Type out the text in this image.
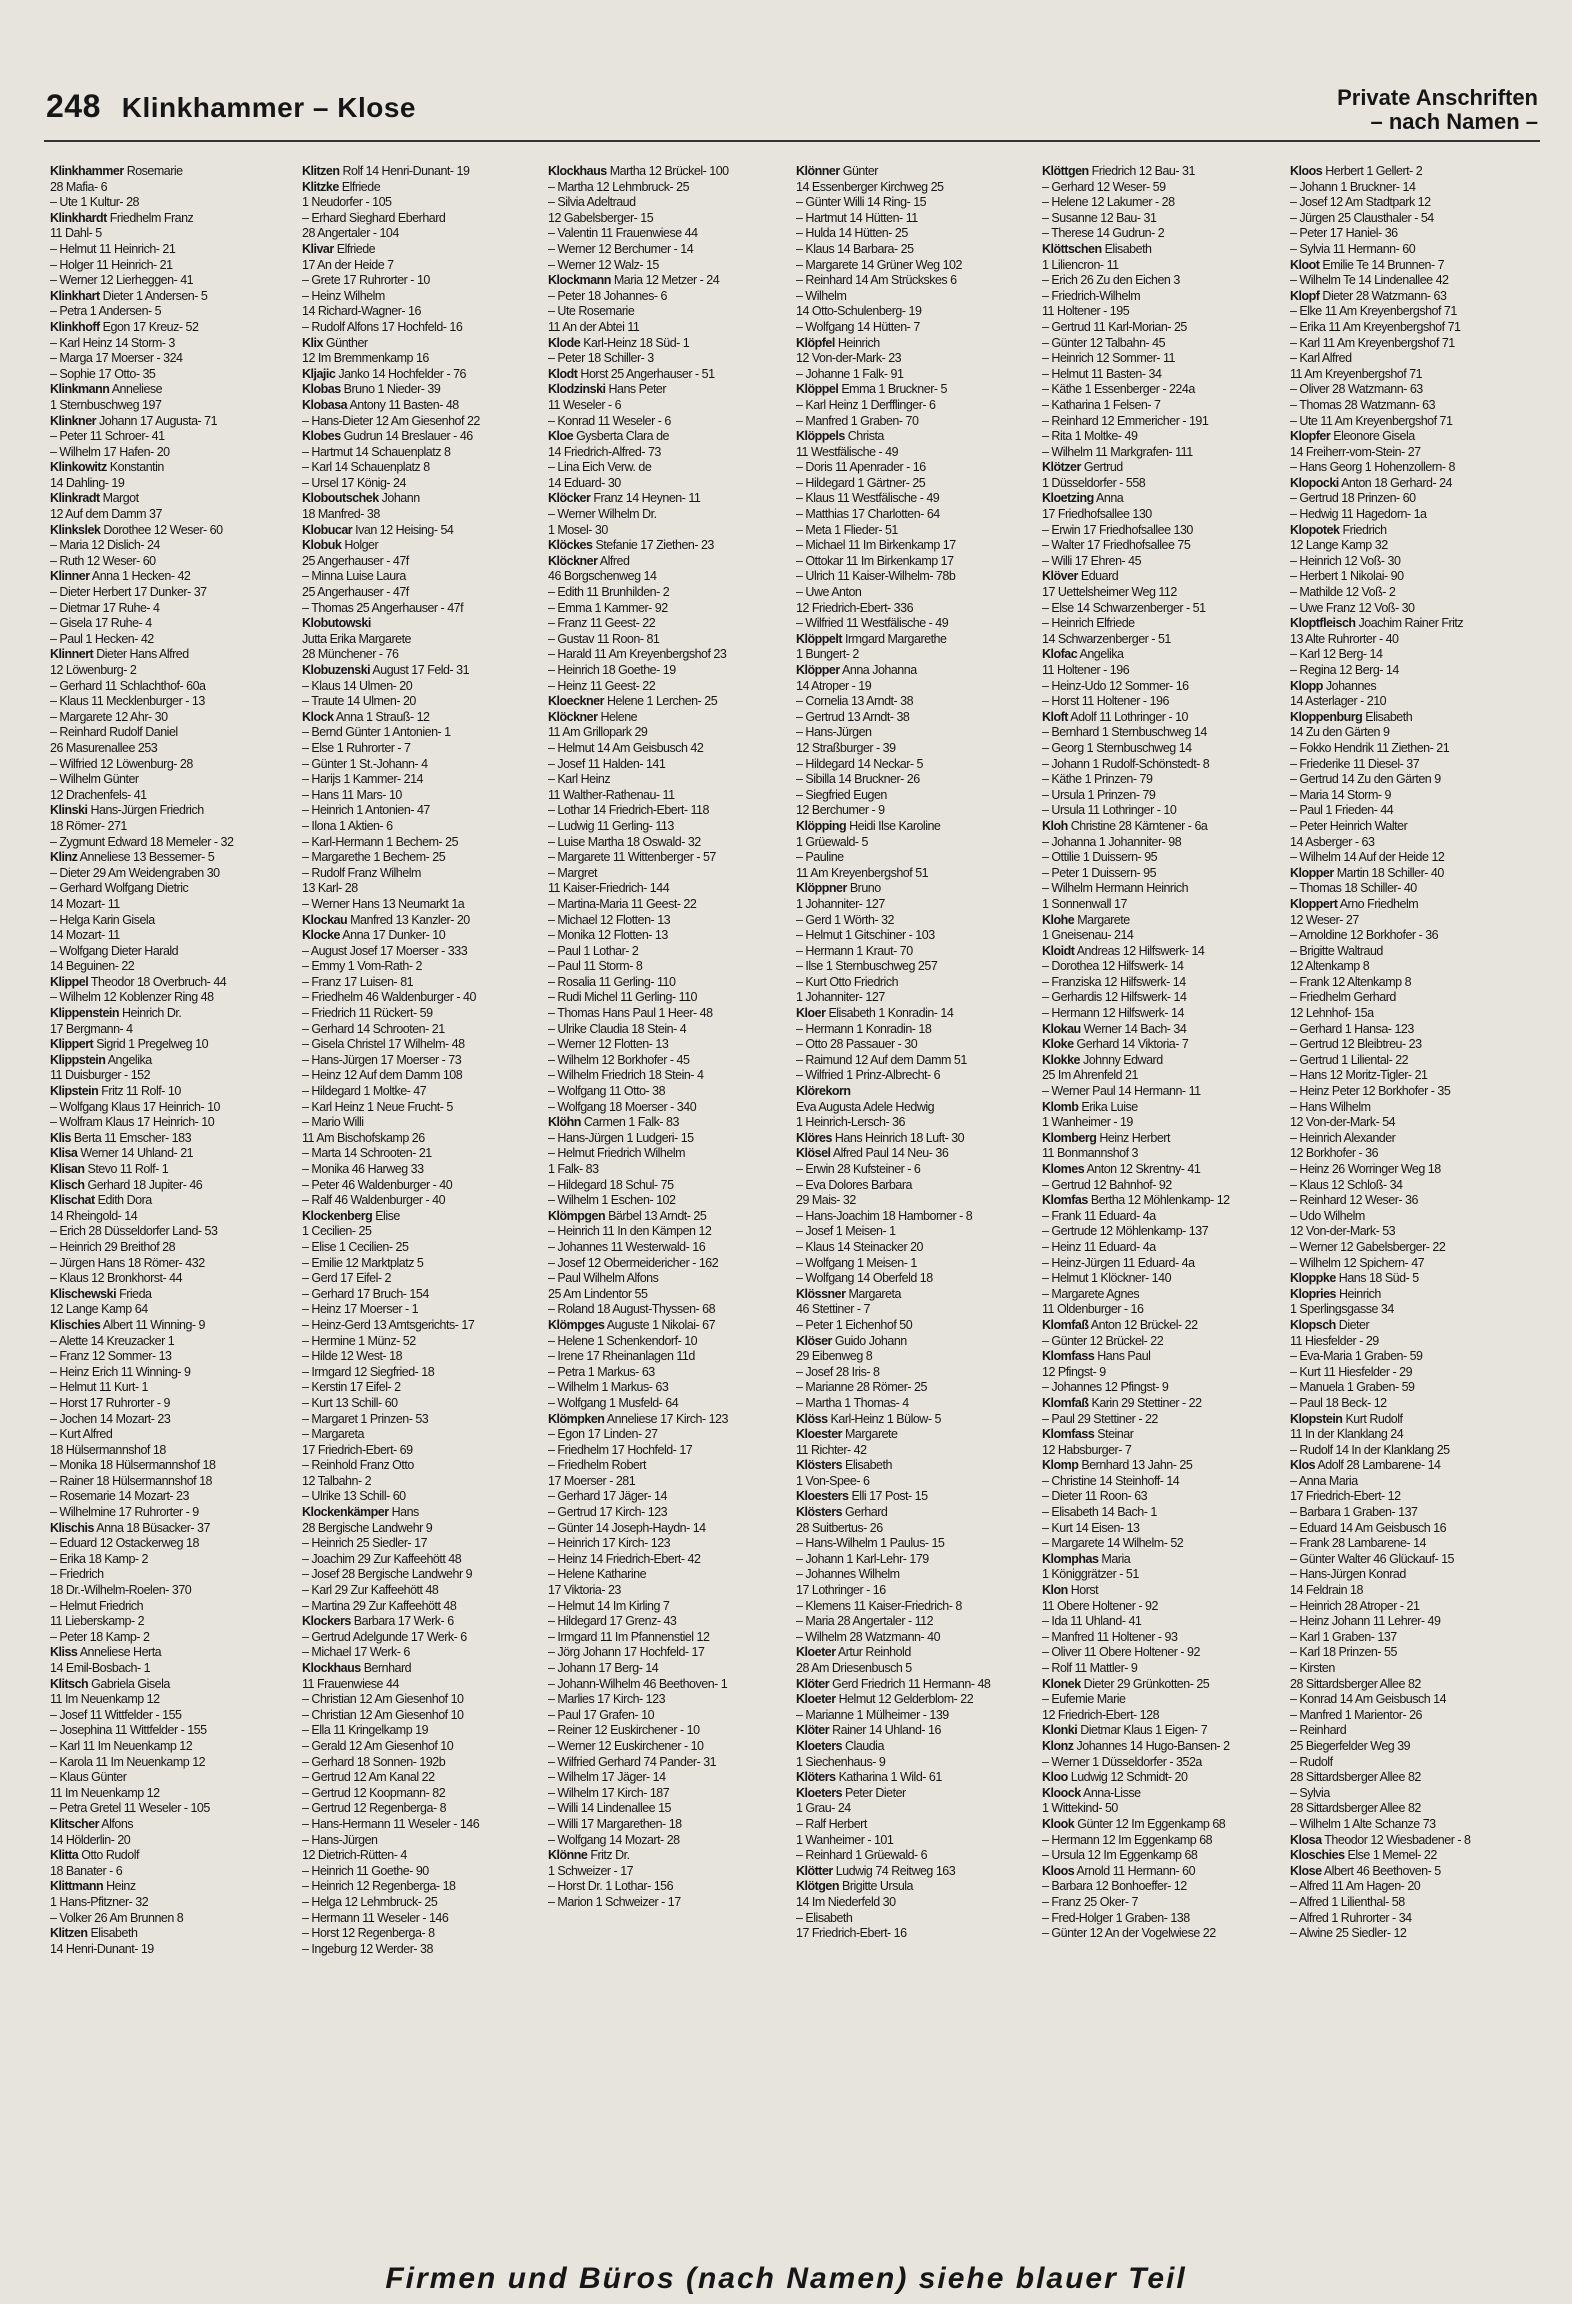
248 Klinkhammer – Klose	Private Anschriften
– nach Namen –
Klinkhammer Rosemarie
28 Mafia- 6
– Ute 1 Kultur- 28
Klinkhardt Friedhelm Franz
11 Dahl- 5
– Helmut 11 Heinrich- 21
– Holger 11 Heinrich- 21
– Werner 12 Lierheggen- 41
Klinkhart Dieter 1 Andersen- 5
– Petra 1 Andersen- 5
Klinkhoff Egon 17 Kreuz- 52
– Karl Heinz 14 Storm- 3
– Marga 17 Moerser - 324
– Sophie 17 Otto- 35
Klinkmann Anneliese
1 Sternbuschweg 197
Klinkner Johann 17 Augusta- 71
– Peter 11 Schroer- 41
– Wilhelm 17 Hafen- 20
Klinkowitz Konstantin
14 Dahling- 19
Klinkradt Margot
12 Auf dem Damm 37
Klinkslek Dorothee 12 Weser- 60
– Maria 12 Dislich- 24
– Ruth 12 Weser- 60
Klinner Anna 1 Hecken- 42
– Dieter Herbert 17 Dunker- 37
– Dietmar 17 Ruhe- 4
– Gisela 17 Ruhe- 4
– Paul 1 Hecken- 42
Klinnert Dieter Hans Alfred
12 Löwenburg- 2
– Gerhard 11 Schlachthof- 60a
– Klaus 11 Mecklenburger - 13
– Margarete 12 Ahr- 30
– Reinhard Rudolf Daniel
26 Masurenallee 253
– Wilfried 12 Löwenburg- 28
– Wilhelm Günter
12 Drachenfels- 41
Klinski Hans-Jürgen Friedrich
18 Römer- 271
– Zygmunt Edward 18 Memeler - 32
Klinz Anneliese 13 Bessemer- 5
– Dieter 29 Am Weidengraben 30
– Gerhard Wolfgang Dietric
14 Mozart- 11
– Helga Karin Gisela
14 Mozart- 11
– Wolfgang Dieter Harald
14 Beguinen- 22
Klippel Theodor 18 Overbruch- 44
– Wilhelm 12 Koblenzer Ring 48
Klippenstein Heinrich Dr.
17 Bergmann- 4
Klippert Sigrid 1 Pregelweg 10
Klippstein Angelika
11 Duisburger - 152
Klipstein Fritz 11 Rolf- 10
– Wolfgang Klaus 17 Heinrich- 10
– Wolfram Klaus 17 Heinrich- 10
Klis Berta 11 Emscher- 183
Klisa Werner 14 Uhland- 21
Klisan Stevo 11 Rolf- 1
Klisch Gerhard 18 Jupiter- 46
Klischat Edith Dora
14 Rheingold- 14
– Erich 28 Düsseldorfer Land- 53
– Heinrich 29 Breithof 28
– Jürgen Hans 18 Römer- 432
– Klaus 12 Bronkhorst- 44
Klischewski Frieda
12 Lange Kamp 64
Klischies Albert 11 Winning- 9
– Alette 14 Kreuzacker 1
– Franz 12 Sommer- 13
– Heinz Erich 11 Winning- 9
– Helmut 11 Kurt- 1
– Horst 17 Ruhrorter - 9
– Jochen 14 Mozart- 23
– Kurt Alfred
18 Hülsermannshof 18
– Monika 18 Hülsermannshof 18
– Rainer 18 Hülsermannshof 18
– Rosemarie 14 Mozart- 23
– Wilhelmine 17 Ruhrorter - 9
Klischis Anna 18 Büsacker- 37
– Eduard 12 Ostackerweg 18
– Erika 18 Kamp- 2
– Friedrich
18 Dr.-Wilhelm-Roelen- 370
– Helmut Friedrich
11 Lieberskamp- 2
– Peter 18 Kamp- 2
Kliss Anneliese Herta
14 Emil-Bosbach- 1
Klitsch Gabriela Gisela
11 Im Neuenkamp 12
– Josef 11 Wittfelder - 155
– Josephina 11 Wittfelder - 155
– Karl 11 Im Neuenkamp 12
– Karola 11 Im Neuenkamp 12
– Klaus Günter
11 Im Neuenkamp 12
– Petra Gretel 11 Weseler - 105
Klitscher Alfons
14 Hölderlin- 20
Klitta Otto Rudolf
18 Banater - 6
Klittmann Heinz
1 Hans-Pfitzner- 32
– Volker 26 Am Brunnen 8
Klitzen Elisabeth
14 Henri-Dunant- 19
Klitzen Rolf 14 Henri-Dunant- 19
Klitzke Elfriede
1 Neudorfer - 105
– Erhard Sieghard Eberhard
28 Angertaler - 104
Klivar Elfriede
17 An der Heide 7
– Grete 17 Ruhrorter - 10
– Heinz Wilhelm
14 Richard-Wagner- 16
– Rudolf Alfons 17 Hochfeld- 16
Klix Günther
12 Im Bremmenkamp 16
Kljajic Janko 14 Hochfelder - 76
Klobas Bruno 1 Nieder- 39
Klobasa Antony 11 Basten- 48
– Hans-Dieter 12 Am Giesenhof 22
Klobes Gudrun 14 Breslauer - 46
– Hartmut 14 Schauenplatz 8
– Karl 14 Schauenplatz 8
– Ursel 17 König- 24
Kloboutschek Johann
18 Manfred- 38
Klobucar Ivan 12 Heising- 54
Klobuk Holger
25 Angerhauser - 47f
– Minna Luise Laura
25 Angerhauser - 47f
– Thomas 25 Angerhauser - 47f
Klobutowski
Jutta Erika Margarete
28 Münchener - 76
Klobuzenski August 17 Feld- 31
– Klaus 14 Ulmen- 20
– Traute 14 Ulmen- 20
Klock Anna 1 Strauß- 12
– Bernd Günter 1 Antonien- 1
– Else 1 Ruhrorter - 7
– Günter 1 St.-Johann- 4
– Harijs 1 Kammer- 214
– Hans 11 Mars- 10
– Heinrich 1 Antonien- 47
– Ilona 1 Aktien- 6
– Karl-Hermann 1 Bechem- 25
– Margarethe 1 Bechem- 25
– Rudolf Franz Wilhelm
13 Karl- 28
– Werner Hans 13 Neumarkt 1a
Klockau Manfred 13 Kanzler- 20
Klocke Anna 17 Dunker- 10
– August Josef 17 Moerser - 333
– Emmy 1 Vom-Rath- 2
– Franz 17 Luisen- 81
– Friedhelm 46 Waldenburger - 40
– Friedrich 11 Rückert- 59
– Gerhard 14 Schrooten- 21
– Gisela Christel 17 Wilhelm- 48
– Hans-Jürgen 17 Moerser - 73
– Heinz 12 Auf dem Damm 108
– Hildegard 1 Moltke- 47
– Karl Heinz 1 Neue Frucht- 5
– Mario Willi
11 Am Bischofskamp 26
– Marta 14 Schrooten- 21
– Monika 46 Harweg 33
– Peter 46 Waldenburger - 40
– Ralf 46 Waldenburger - 40
Klockenberg Elise
1 Cecilien- 25
– Elise 1 Cecilien- 25
– Emilie 12 Marktplatz 5
– Gerd 17 Eifel- 2
– Gerhard 17 Bruch- 154
– Heinz 17 Moerser - 1
– Heinz-Gerd 13 Amtsgerichts- 17
– Hermine 1 Münz- 52
– Hilde 12 West- 18
– Irmgard 12 Siegfried- 18
– Kerstin 17 Eifel- 2
– Kurt 13 Schill- 60
– Margaret 1 Prinzen- 53
– Margareta
17 Friedrich-Ebert- 69
– Reinhold Franz Otto
12 Talbahn- 2
– Ulrike 13 Schill- 60
Klockenkämper Hans
28 Bergische Landwehr 9
– Heinrich 25 Siedler- 17
– Joachim 29 Zur Kaffeehött 48
– Josef 28 Bergische Landwehr 9
– Karl 29 Zur Kaffeehött 48
– Martina 29 Zur Kaffeehött 48
Klockers Barbara 17 Werk- 6
– Gertrud Adelgunde 17 Werk- 6
– Michael 17 Werk- 6
Klockhaus Bernhard
11 Frauenwiese 44
– Christian 12 Am Giesenhof 10
– Christian 12 Am Giesenhof 10
– Ella 11 Kringelkamp 19
– Gerald 12 Am Giesenhof 10
– Gerhard 18 Sonnen- 192b
– Gertrud 12 Am Kanal 22
– Gertrud 12 Koopmann- 82
– Gertrud 12 Regenberga- 8
– Hans-Hermann 11 Weseler - 146
– Hans-Jürgen
12 Dietrich-Rütten- 4
– Heinrich 11 Goethe- 90
– Heinrich 12 Regenberga- 18
– Helga 12 Lehmbruck- 25
– Hermann 11 Weseler - 146
– Horst 12 Regenberga- 8
– Ingeburg 12 Werder- 38
Klockhaus Martha 12 Brückel- 100
– Martha 12 Lehmbruck- 25
– Silvia Adeltraud
12 Gabelsberger- 15
– Valentin 11 Frauenwiese 44
– Werner 12 Berchumer - 14
– Werner 12 Walz- 15
Klockmann Maria 12 Metzer - 24
– Peter 18 Johannes- 6
– Ute Rosemarie
11 An der Abtei 11
Klode Karl-Heinz 18 Süd- 1
– Peter 18 Schiller- 3
Klodt Horst 25 Angerhauser - 51
Klodzinski Hans Peter
11 Weseler - 6
– Konrad 11 Weseler - 6
Kloe Gysberta Clara de
14 Friedrich-Alfred- 73
– Lina Eich Verw. de
14 Eduard- 30
Klöcker Franz 14 Heynen- 11
– Werner Wilhelm Dr.
1 Mosel- 30
Klöckes Stefanie 17 Ziethen- 23
Klöckner Alfred
46 Borgschenweg 14
– Edith 11 Brunhilden- 2
– Emma 1 Kammer- 92
– Franz 11 Geest- 22
– Gustav 11 Roon- 81
– Harald 11 Am Kreyenbergshof 23
– Heinrich 18 Goethe- 19
– Heinz 11 Geest- 22
Kloeckner Helene 1 Lerchen- 25
Klöckner Helene
11 Am Grillopark 29
– Helmut 14 Am Geisbusch 42
– Josef 11 Halden- 141
– Karl Heinz
11 Walther-Rathenau- 11
– Lothar 14 Friedrich-Ebert- 118
– Ludwig 11 Gerling- 113
– Luise Martha 18 Oswald- 32
– Margarete 11 Wittenberger - 57
– Margret
11 Kaiser-Friedrich- 144
– Martina-Maria 11 Geest- 22
– Michael 12 Flotten- 13
– Monika 12 Flotten- 13
– Paul 1 Lothar- 2
– Paul 11 Storm- 8
– Rosalia 11 Gerling- 110
– Rudi Michel 11 Gerling- 110
– Thomas Hans Paul 1 Heer- 48
– Ulrike Claudia 18 Stein- 4
– Werner 12 Flotten- 13
– Wilhelm 12 Borkhofer - 45
– Wilhelm Friedrich 18 Stein- 4
– Wolfgang 11 Otto- 38
– Wolfgang 18 Moerser - 340
Klöhn Carmen 1 Falk- 83
– Hans-Jürgen 1 Ludgeri- 15
– Helmut Friedrich Wilhelm
1 Falk- 83
– Hildegard 18 Schul- 75
– Wilhelm 1 Eschen- 102
Klömpgen Bärbel 13 Arndt- 25
– Heinrich 11 In den Kämpen 12
– Johannes 11 Westerwald- 16
– Josef 12 Obermeidericher - 162
– Paul Wilhelm Alfons
25 Am Lindentor 55
– Roland 18 August-Thyssen- 68
Klömpges Auguste 1 Nikolai- 67
– Helene 1 Schenkendorf- 10
– Irene 17 Rheinanlagen 11d
– Petra 1 Markus- 63
– Wilhelm 1 Markus- 63
– Wolfgang 1 Musfeld- 64
Klömpken Anneliese 17 Kirch- 123
– Egon 17 Linden- 27
– Friedhelm 17 Hochfeld- 17
– Friedhelm Robert
17 Moerser - 281
– Gerhard 17 Jäger- 14
– Gertrud 17 Kirch- 123
– Günter 14 Joseph-Haydn- 14
– Heinrich 17 Kirch- 123
– Heinz 14 Friedrich-Ebert- 42
– Helene Katharine
17 Viktoria- 23
– Helmut 14 Im Kirling 7
– Hildegard 17 Grenz- 43
– Irmgard 11 Im Pfannenstiel 12
– Jörg Johann 17 Hochfeld- 17
– Johann 17 Berg- 14
– Johann-Wilhelm 46 Beethoven- 1
– Marlies 17 Kirch- 123
– Paul 17 Grafen- 10
– Reiner 12 Euskirchener - 10
– Werner 12 Euskirchener - 10
– Wilfried Gerhard 74 Pander- 31
– Wilhelm 17 Jäger- 14
– Wilhelm 17 Kirch- 187
– Willi 14 Lindenallee 15
– Willi 17 Margarethen- 18
– Wolfgang 14 Mozart- 28
Klönne Fritz Dr.
1 Schweizer - 17
– Horst Dr. 1 Lothar- 156
– Marion 1 Schweizer - 17
Klönner Günter
14 Essenberger Kirchweg 25
– Günter Willi 14 Ring- 15
– Hartmut 14 Hütten- 11
– Hulda 14 Hütten- 25
– Klaus 14 Barbara- 25
– Margarete 14 Grüner Weg 102
– Reinhard 14 Am Strückskes 6
– Wilhelm
14 Otto-Schulenberg- 19
– Wolfgang 14 Hütten- 7
Klöpfel Heinrich
12 Von-der-Mark- 23
– Johanne 1 Falk- 91
Klöppel Emma 1 Bruckner- 5
– Karl Heinz 1 Derfflinger- 6
– Manfred 1 Graben- 70
Klöppels Christa
11 Westfälische - 49
– Doris 11 Apenrader - 16
– Hildegard 1 Gärtner- 25
– Klaus 11 Westfälische - 49
– Matthias 17 Charlotten- 64
– Meta 1 Flieder- 51
– Michael 11 Im Birkenkamp 17
– Ottokar 11 Im Birkenkamp 17
– Ulrich 11 Kaiser-Wilhelm- 78b
– Uwe Anton
12 Friedrich-Ebert- 336
– Wilfried 11 Westfälische - 49
Klöppelt Irmgard Margarethe
1 Bungert- 2
Klöpper Anna Johanna
14 Atroper - 19
– Cornelia 13 Arndt- 38
– Gertrud 13 Arndt- 38
– Hans-Jürgen
12 Straßburger - 39
– Hildegard 14 Neckar- 5
– Sibilla 14 Bruckner- 26
– Siegfried Eugen
12 Berchumer - 9
Klöpping Heidi Ilse Karoline
1 Grüewald- 5
– Pauline
11 Am Kreyenbergshof 51
Klöppner Bruno
1 Johanniter- 127
– Gerd 1 Wörth- 32
– Helmut 1 Gitschiner - 103
– Hermann 1 Kraut- 70
– Ilse 1 Sternbuschweg 257
– Kurt Otto Friedrich
1 Johanniter- 127
Kloer Elisabeth 1 Konradin- 14
– Hermann 1 Konradin- 18
– Otto 28 Passauer - 30
– Raimund 12 Auf dem Damm 51
– Wilfried 1 Prinz-Albrecht- 6
Klörekorn
Eva Augusta Adele Hedwig
1 Heinrich-Lersch- 36
Klöres Hans Heinrich 18 Luft- 30
Klösel Alfred Paul 14 Neu- 36
– Erwin 28 Kufsteiner - 6
– Eva Dolores Barbara
29 Mais- 32
– Hans-Joachim 18 Hamborner - 8
– Josef 1 Meisen- 1
– Klaus 14 Steinacker 20
– Wolfgang 1 Meisen- 1
– Wolfgang 14 Oberfeld 18
Klössner Margareta
46 Stettiner - 7
– Peter 1 Eichenhof 50
Klöser Guido Johann
29 Eibenweg 8
– Josef 28 Iris- 8
– Marianne 28 Römer- 25
– Martha 1 Thomas- 4
Klöss Karl-Heinz 1 Bülow- 5
Kloester Margarete
11 Richter- 42
Klösters Elisabeth
1 Von-Spee- 6
Kloesters Elli 17 Post- 15
Klösters Gerhard
28 Suitbertus- 26
– Hans-Wilhelm 1 Paulus- 15
– Johann 1 Karl-Lehr- 179
– Johannes Wilhelm
17 Lothringer - 16
– Klemens 11 Kaiser-Friedrich- 8
– Maria 28 Angertaler - 112
– Wilhelm 28 Watzmann- 40
Kloeter Artur Reinhold
28 Am Driesenbusch 5
Klöter Gerd Friedrich 11 Hermann- 48
Kloeter Helmut 12 Gelderblom- 22
– Marianne 1 Mülheimer - 139
Klöter Rainer 14 Uhland- 16
Kloeters Claudia
1 Siechenhaus- 9
Klöters Katharina 1 Wild- 61
Kloeters Peter Dieter
1 Grau- 24
– Ralf Herbert
1 Wanheimer - 101
– Reinhard 1 Grüewald- 6
Klötter Ludwig 74 Reitweg 163
Klötgen Brigitte Ursula
14 Im Niederfeld 30
– Elisabeth
17 Friedrich-Ebert- 16
Klöttgen Friedrich 12 Bau- 31
– Gerhard 12 Weser- 59
– Helene 12 Lakumer - 28
– Susanne 12 Bau- 31
– Therese 14 Gudrun- 2
Klöttschen Elisabeth
1 Liliencron- 11
– Erich 26 Zu den Eichen 3
– Friedrich-Wilhelm
11 Holtener - 195
– Gertrud 11 Karl-Morian- 25
– Günter 12 Talbahn- 45
– Heinrich 12 Sommer- 11
– Helmut 11 Basten- 34
– Käthe 1 Essenberger - 224a
– Katharina 1 Felsen- 7
– Reinhard 12 Emmericher - 191
– Rita 1 Moltke- 49
– Wilhelm 11 Markgrafen- 111
Klötzer Gertrud
1 Düsseldorfer - 558
Kloetzing Anna
17 Friedhofsallee 130
– Erwin 17 Friedhofsallee 130
– Walter 17 Friedhofsallee 75
– Willi 17 Ehren- 45
Klöver Eduard
17 Uettelsheimer Weg 112
– Else 14 Schwarzenberger - 51
– Heinrich Elfriede
14 Schwarzenberger - 51
Klofac Angelika
11 Holtener - 196
– Heinz-Udo 12 Sommer- 16
– Horst 11 Holtener - 196
Kloft Adolf 11 Lothringer - 10
– Bernhard 1 Sternbuschweg 14
– Georg 1 Sternbuschweg 14
– Johann 1 Rudolf-Schönstedt- 8
– Käthe 1 Prinzen- 79
– Ursula 1 Prinzen- 79
– Ursula 11 Lothringer - 10
Kloh Christine 28 Kärntener - 6a
– Johanna 1 Johanniter- 98
– Ottilie 1 Duissern- 95
– Peter 1 Duissern- 95
– Wilhelm Hermann Heinrich
1 Sonnenwall 17
Klohe Margarete
1 Gneisenau- 214
Kloidt Andreas 12 Hilfswerk- 14
– Dorothea 12 Hilfswerk- 14
– Franziska 12 Hilfswerk- 14
– Gerhardis 12 Hilfswerk- 14
– Hermann 12 Hilfswerk- 14
Klokau Werner 14 Bach- 34
Kloke Gerhard 14 Viktoria- 7
Klokke Johnny Edward
25 Im Ahrenfeld 21
– Werner Paul 14 Hermann- 11
Klomb Erika Luise
1 Wanheimer - 19
Klomberg Heinz Herbert
11 Bonmannshof 3
Klomes Anton 12 Skrentny- 41
– Gertrud 12 Bahnhof- 92
Klomfas Bertha 12 Möhlenkamp- 12
– Frank 11 Eduard- 4a
– Gertrude 12 Möhlenkamp- 137
– Heinz 11 Eduard- 4a
– Heinz-Jürgen 11 Eduard- 4a
– Helmut 1 Klöckner- 140
– Margarete Agnes
11 Oldenburger - 16
Klomfaß Anton 12 Brückel- 22
– Günter 12 Brückel- 22
Klomfass Hans Paul
12 Pfingst- 9
– Johannes 12 Pfingst- 9
Klomfaß Karin 29 Stettiner - 22
– Paul 29 Stettiner - 22
Klomfass Steinar
12 Habsburger- 7
Klomp Bernhard 13 Jahn- 25
– Christine 14 Steinhoff- 14
– Dieter 11 Roon- 63
– Elisabeth 14 Bach- 1
– Kurt 14 Eisen- 13
– Margarete 14 Wilhelm- 52
Klomphas Maria
1 Königgrätzer - 51
Klon Horst
11 Obere Holtener - 92
– Ida 11 Uhland- 41
– Manfred 11 Holtener - 93
– Oliver 11 Obere Holtener - 92
– Rolf 11 Mattler- 9
Klonek Dieter 29 Grünkotten- 25
– Eufemie Marie
12 Friedrich-Ebert- 128
Klonki Dietmar Klaus 1 Eigen- 7
Klonz Johannes 14 Hugo-Bansen- 2
– Werner 1 Düsseldorfer - 352a
Kloo Ludwig 12 Schmidt- 20
Kloock Anna-Lisse
1 Wittekind- 50
Klook Günter 12 Im Eggenkamp 68
– Hermann 12 Im Eggenkamp 68
– Ursula 12 Im Eggenkamp 68
Kloos Arnold 11 Hermann- 60
– Barbara 12 Bonhoeffer- 12
– Franz 25 Oker- 7
– Fred-Holger 1 Graben- 138
– Günter 12 An der Vogelwiese 22
Kloos Herbert 1 Gellert- 2
– Johann 1 Bruckner- 14
– Josef 12 Am Stadtpark 12
– Jürgen 25 Clausthaler - 54
– Peter 17 Haniel- 36
– Sylvia 11 Hermann- 60
Kloot Emilie Te 14 Brunnen- 7
– Wilhelm Te 14 Lindenallee 42
Klopf Dieter 28 Watzmann- 63
– Elke 11 Am Kreyenbergshof 71
– Erika 11 Am Kreyenbergshof 71
– Karl 11 Am Kreyenbergshof 71
– Karl Alfred
11 Am Kreyenbergshof 71
– Oliver 28 Watzmann- 63
– Thomas 28 Watzmann- 63
– Ute 11 Am Kreyenbergshof 71
Klopfer Eleonore Gisela
14 Freiherr-vom-Stein- 27
– Hans Georg 1 Hohenzollern- 8
Klopocki Anton 18 Gerhard- 24
– Gertrud 18 Prinzen- 60
– Hedwig 11 Hagedorn- 1a
Klopotek Friedrich
12 Lange Kamp 32
– Heinrich 12 Voß- 30
– Herbert 1 Nikolai- 90
– Mathilde 12 Voß- 2
– Uwe Franz 12 Voß- 30
Kloptfleisch Joachim Rainer Fritz
13 Alte Ruhrorter - 40
– Karl 12 Berg- 14
– Regina 12 Berg- 14
Klopp Johannes
14 Asterlager - 210
Kloppenburg Elisabeth
14 Zu den Gärten 9
– Fokko Hendrik 11 Ziethen- 21
– Friederike 11 Diesel- 37
– Gertrud 14 Zu den Gärten 9
– Maria 14 Storm- 9
– Paul 1 Frieden- 44
– Peter Heinrich Walter
14 Asberger - 63
– Wilhelm 14 Auf der Heide 12
Klopper Martin 18 Schiller- 40
– Thomas 18 Schiller- 40
Kloppert Arno Friedhelm
12 Weser- 27
– Arnoldine 12 Borkhofer - 36
– Brigitte Waltraud
12 Altenkamp 8
– Frank 12 Altenkamp 8
– Friedhelm Gerhard
12 Lehnhof- 15a
– Gerhard 1 Hansa- 123
– Gertrud 12 Bleibtreu- 23
– Gertrud 1 Liliental- 22
– Hans 12 Moritz-Tigler- 21
– Heinz Peter 12 Borkhofer - 35
– Hans Wilhelm
12 Von-der-Mark- 54
– Heinrich Alexander
12 Borkhofer - 36
– Heinz 26 Worringer Weg 18
– Klaus 12 Schloß- 34
– Reinhard 12 Weser- 36
– Udo Wilhelm
12 Von-der-Mark- 53
– Werner 12 Gabelsberger- 22
– Wilhelm 12 Spichern- 47
Kloppke Hans 18 Süd- 5
Klopries Heinrich
1 Sperlingsgasse 34
Klopsch Dieter
11 Hiesfelder - 29
– Eva-Maria 1 Graben- 59
– Kurt 11 Hiesfelder - 29
– Manuela 1 Graben- 59
– Paul 18 Beck- 12
Klopstein Kurt Rudolf
11 In der Klanklang 24
– Rudolf 14 In der Klanklang 25
Klos Adolf 28 Lambarene- 14
– Anna Maria
17 Friedrich-Ebert- 12
– Barbara 1 Graben- 137
– Eduard 14 Am Geisbusch 16
– Frank 28 Lambarene- 14
– Günter Walter 46 Glückauf- 15
– Hans-Jürgen Konrad
14 Feldrain 18
– Heinrich 28 Atroper - 21
– Heinz Johann 11 Lehrer- 49
– Karl 1 Graben- 137
– Karl 18 Prinzen- 55
– Kirsten
28 Sittardsberger Allee 82
– Konrad 14 Am Geisbusch 14
– Manfred 1 Marientor- 26
– Reinhard
25 Biegerfelder Weg 39
– Rudolf
28 Sittardsberger Allee 82
– Sylvia
28 Sittardsberger Allee 82
– Wilhelm 1 Alte Schanze 73
Klosa Theodor 12 Wiesbadener - 8
Kloschies Else 1 Memel- 22
Klose Albert 46 Beethoven- 5
– Alfred 11 Am Hagen- 20
– Alfred 1 Lilienthal- 58
– Alfred 1 Ruhrorter - 34
– Alwine 25 Siedler- 12
Firmen und Büros (nach Namen) siehe blauer Teil
